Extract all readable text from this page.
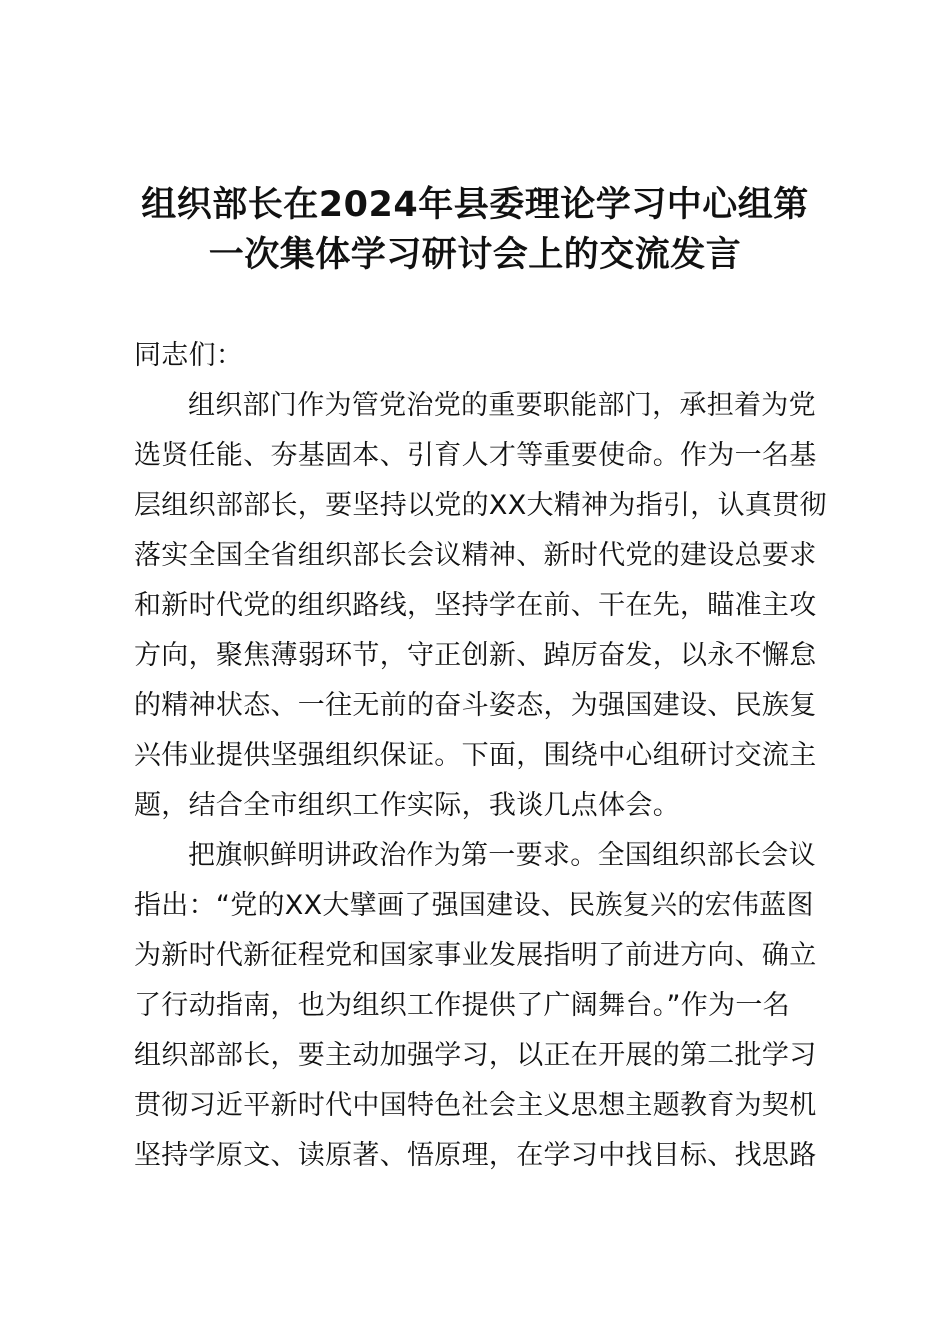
组织部长在2024年县委理论学习中心组第
一次集体学习研讨会上的交流发言
同志们：
组织部门作为管党治党的重要职能部门，承担着为党
选贤任能、夯基固本、引育人才等重要使命。作为一名基
层组织部部长，要坚持以党的XX大精神为指引，认真贯彻
落实全国全省组织部长会议精神、新时代党的建设总要求
和新时代党的组织路线，坚持学在前、干在先，瞄准主攻
方向，聚焦薄弱环节，守正创新、踔厉奋发，以永不懈怠
的精神状态、一往无前的奋斗姿态，为强国建设、民族复
兴伟业提供坚强组织保证。下面，围绕中心组研讨交流主
题，结合全市组织工作实际，我谈几点体会。
把旗帜鲜明讲政治作为第一要求。全国组织部长会议
指出：“党的XX大擘画了强国建设、民族复兴的宏伟蓝图
为新时代新征程党和国家事业发展指明了前进方向、确立
了行动指南，也为组织工作提供了广阔舞台。”作为一名
组织部部长，要主动加强学习，以正在开展的第二批学习
贯彻习近平新时代中国特色社会主义思想主题教育为契机
坚持学原文、读原著、悟原理，在学习中找目标、找思路
